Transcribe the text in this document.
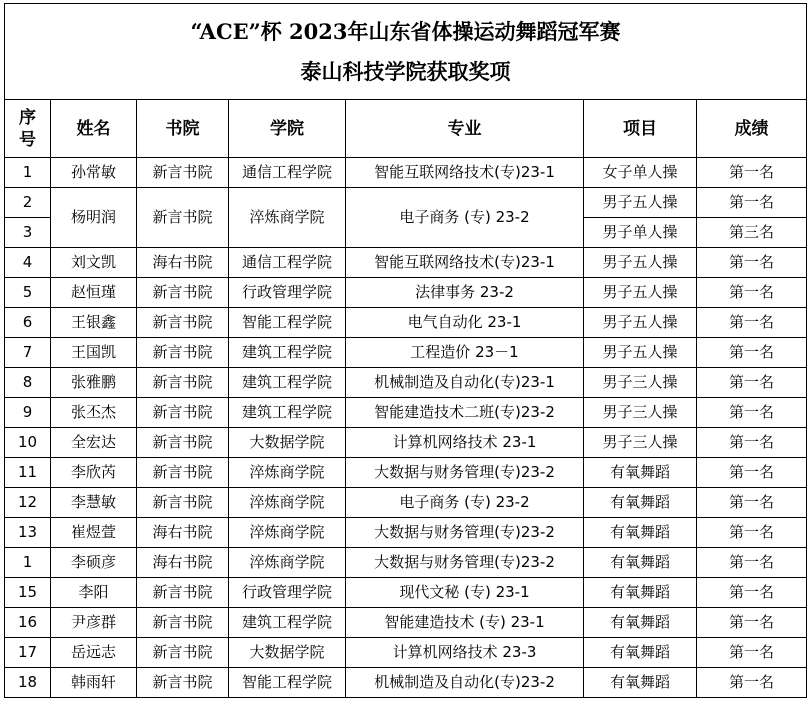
“ACE”杯 2023年山东省体操运动舞蹈冠军赛
泰山科技学院获取奖项						

序号	姓名	书院	学院	专业	项目	成绩
1	孙常敏	新言书院	通信工程学院	智能互联网络技术(专)23-1	女子单人操	第一名
2	杨明润	新言书院	淬炼商学院	电子商务 (专) 23-2	男子五人操	第一名
3					男子单人操	第三名
4	刘文凯	海右书院	通信工程学院	智能互联网络技术(专)23-1	男子五人操	第一名
5	赵恒瑾	新言书院	行政管理学院	法律事务 23-2	男子五人操	第一名
6	王银鑫	新言书院	智能工程学院	电气自动化 23-1	男子五人操	第一名
7	王国凯	新言书院	建筑工程学院	工程造价 23－1	男子五人操	第一名
8	张雅鹏	新言书院	建筑工程学院	机械制造及自动化(专)23-1	男子三人操	第一名
9	张丕杰	新言书院	建筑工程学院	智能建造技术二班(专)23-2	男子三人操	第一名
10	全宏达	新言书院	大数据学院	计算机网络技术 23-1	男子三人操	第一名
11	李欣芮	新言书院	淬炼商学院	大数据与财务管理(专)23-2	有氧舞蹈	第一名
12	李慧敏	新言书院	淬炼商学院	电子商务 (专) 23-2	有氧舞蹈	第一名
13	崔煜萱	海右书院	淬炼商学院	大数据与财务管理(专)23-2	有氧舞蹈	第一名
1	李硕彦	海右书院	淬炼商学院	大数据与财务管理(专)23-2	有氧舞蹈	第一名
15	李阳	新言书院	行政管理学院	现代文秘 (专) 23-1	有氧舞蹈	第一名
16	尹彦群	新言书院	建筑工程学院	智能建造技术 (专) 23-1	有氧舞蹈	第一名
17	岳远志	新言书院	大数据学院	计算机网络技术 23-3	有氧舞蹈	第一名
18	韩雨轩	新言书院	智能工程学院	机械制造及自动化(专)23-2	有氧舞蹈	第一名
